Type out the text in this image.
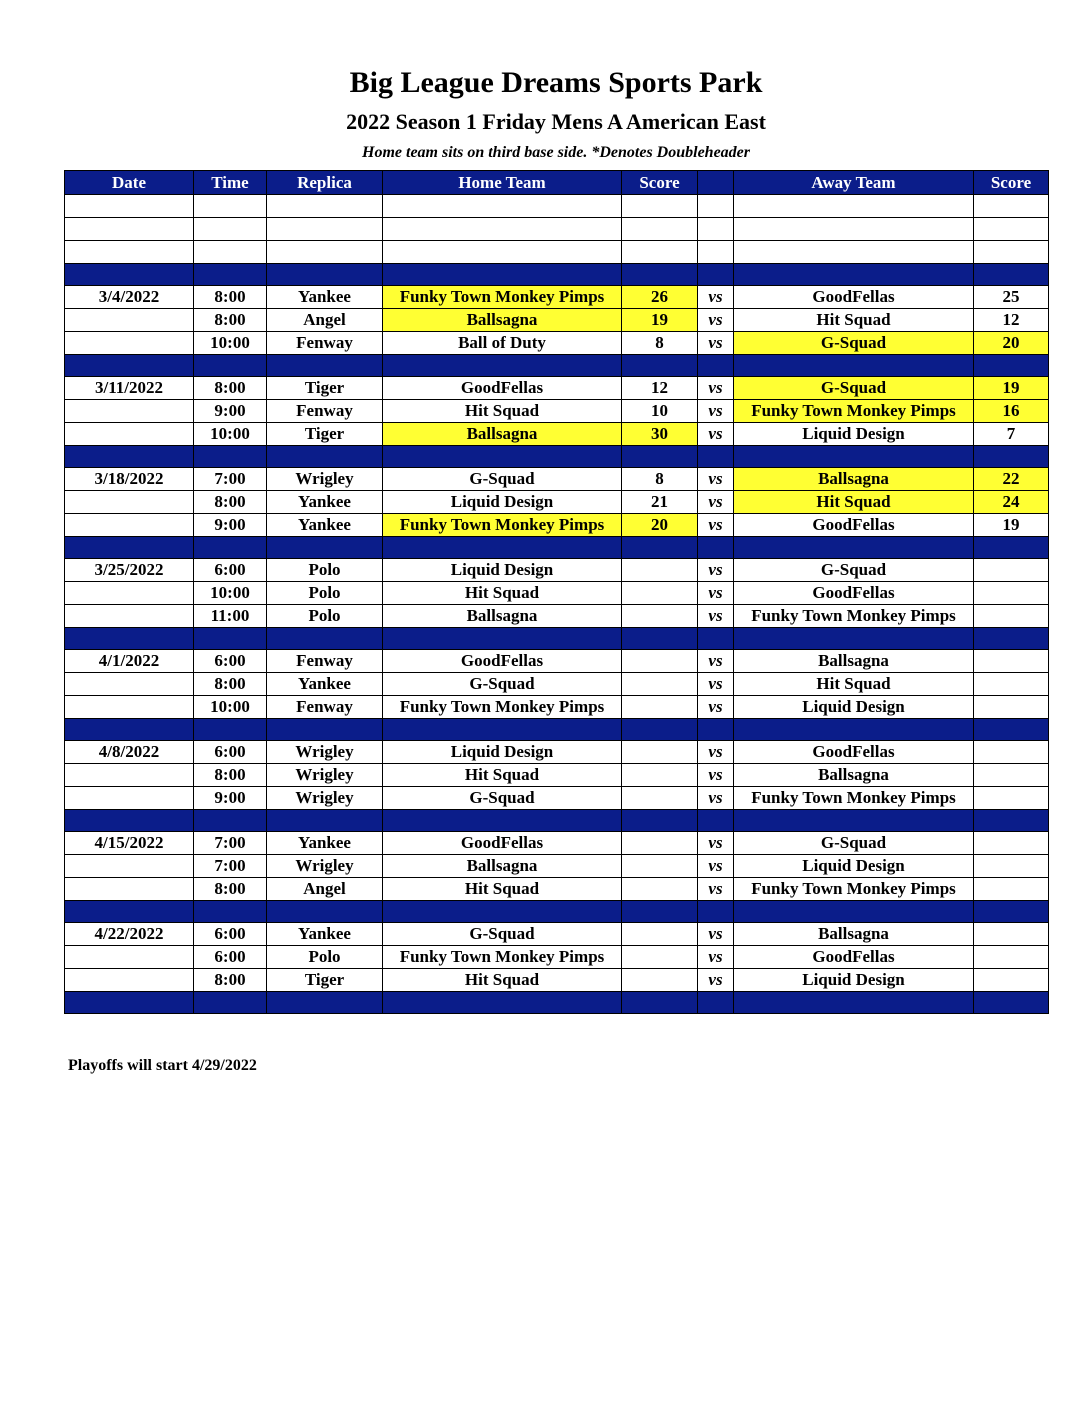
Big League Dreams Sports Park
2022 Season 1 Friday Mens A American East
Home team sits on third base side. *Denotes Doubleheader
Date	Time	Replica	Home Team	Score		Away Team	Score

3/4/2022	8:00	Yankee	Funky Town Monkey Pimps	26	vs	GoodFellas	25
	8:00	Angel	Ballsagna	19	vs	Hit Squad	12
	10:00	Fenway	Ball of Duty	8	vs	G-Squad	20

3/11/2022	8:00	Tiger	GoodFellas	12	vs	G-Squad	19
	9:00	Fenway	Hit Squad	10	vs	Funky Town Monkey Pimps	16
	10:00	Tiger	Ballsagna	30	vs	Liquid Design	7

3/18/2022	7:00	Wrigley	G-Squad	8	vs	Ballsagna	22
	8:00	Yankee	Liquid Design	21	vs	Hit Squad	24
	9:00	Yankee	Funky Town Monkey Pimps	20	vs	GoodFellas	19

3/25/2022	6:00	Polo	Liquid Design		vs	G-Squad	
	10:00	Polo	Hit Squad		vs	GoodFellas	
	11:00	Polo	Ballsagna		vs	Funky Town Monkey Pimps	

4/1/2022	6:00	Fenway	GoodFellas		vs	Ballsagna	
	8:00	Yankee	G-Squad		vs	Hit Squad	
	10:00	Fenway	Funky Town Monkey Pimps		vs	Liquid Design	

4/8/2022	6:00	Wrigley	Liquid Design		vs	GoodFellas	
	8:00	Wrigley	Hit Squad		vs	Ballsagna	
	9:00	Wrigley	G-Squad		vs	Funky Town Monkey Pimps	

4/15/2022	7:00	Yankee	GoodFellas		vs	G-Squad	
	7:00	Wrigley	Ballsagna		vs	Liquid Design	
	8:00	Angel	Hit Squad		vs	Funky Town Monkey Pimps	

4/22/2022	6:00	Yankee	G-Squad		vs	Ballsagna	
	6:00	Polo	Funky Town Monkey Pimps		vs	GoodFellas	
	8:00	Tiger	Hit Squad		vs	Liquid Design	

Playoffs will start 4/29/2022
